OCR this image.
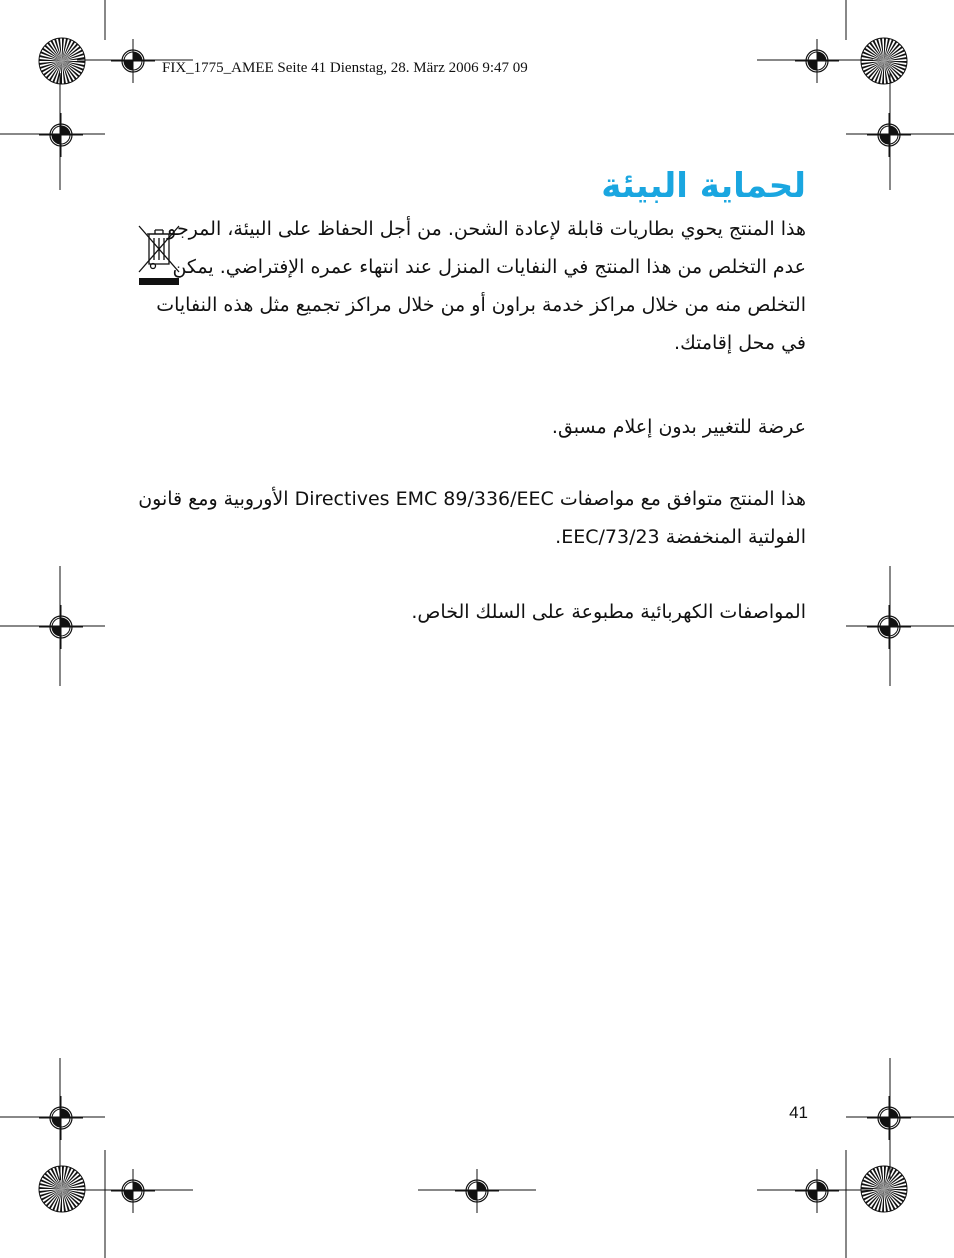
FIX_1775_AMEE Seite 41 Dienstag, 28. März 2006 9:47 09
لحماية البيئة

هذا المنتج يحوي بطاريات قابلة لإعادة الشحن. من أجل الحفاظ على البيئة، المرجو عدم التخلص من هذا المنتج في النفايات المنزل عند انتهاء عمره الإفتراضي. يمكن التخلص منه من خلال مراكز خدمة براون أو من خلال مراكز تجميع مثل هذه النفايات في محل إقامتك.

عرضة للتغيير بدون إعلام مسبق.

هذا المنتج متوافق مع مواصفات Directives EMC 89/336/EEC الأوروبية ومع قانون الفولتية المنخفضة 73/23/EEC.

المواصفات الكهربائية مطبوعة على السلك الخاص.

41
